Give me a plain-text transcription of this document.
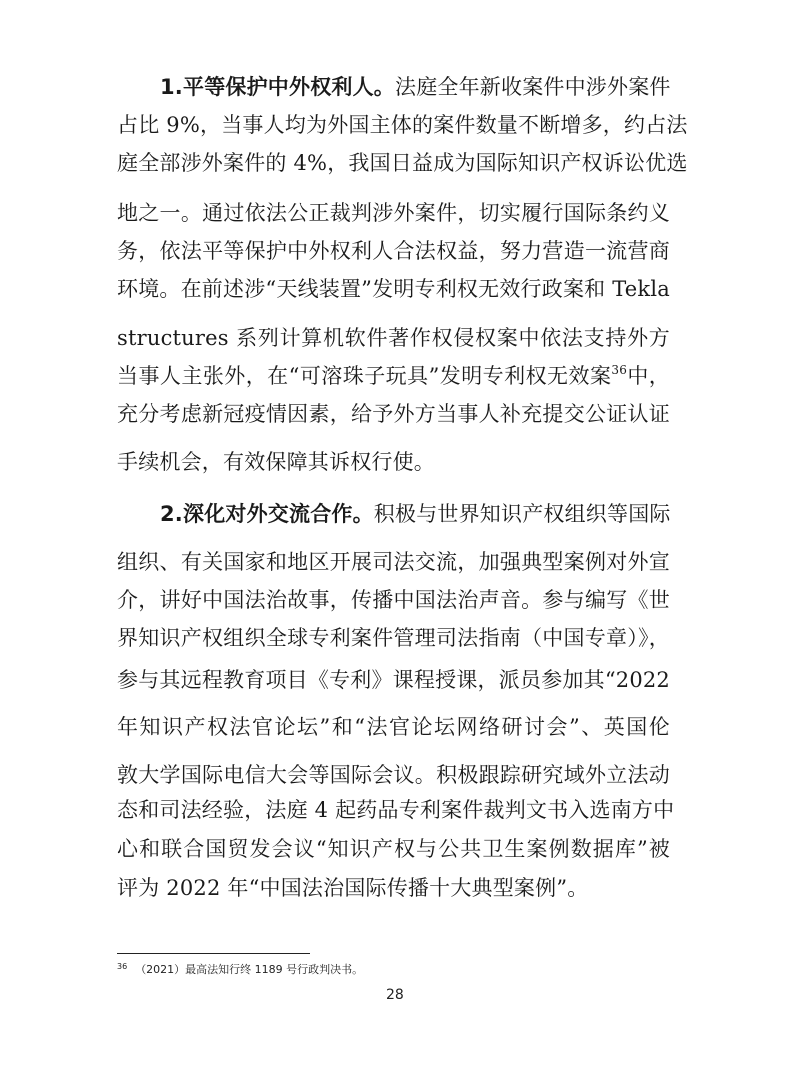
1.平等保护中外权利人。法庭全年新收案件中涉外案件
占比 9%，当事人均为外国主体的案件数量不断增多，约占法
庭全部涉外案件的 4%，我国日益成为国际知识产权诉讼优选
地之一。通过依法公正裁判涉外案件，切实履行国际条约义
务，依法平等保护中外权利人合法权益，努力营造一流营商
环境。在前述涉“天线装置”发明专利权无效行政案和 Tekla
structures 系列计算机软件著作权侵权案中依法支持外方
当事人主张外，在“可溶珠子玩具”发明专利权无效案$^{36}$中，
充分考虑新冠疫情因素，给予外方当事人补充提交公证认证
手续机会，有效保障其诉权行使。
2.深化对外交流合作。积极与世界知识产权组织等国际
组织、有关国家和地区开展司法交流，加强典型案例对外宣
介，讲好中国法治故事，传播中国法治声音。参与编写《世
界知识产权组织全球专利案件管理司法指南（中国专章）》，
参与其远程教育项目《专利》课程授课，派员参加其“2022
年知识产权法官论坛”和“法官论坛网络研讨会”、英国伦
敦大学国际电信大会等国际会议。积极跟踪研究域外立法动
态和司法经验，法庭 4 起药品专利案件裁判文书入选南方中
心和联合国贸发会议“知识产权与公共卫生案例数据库”被
评为 2022 年“中国法治国际传播十大典型案例”。
$^{36}$ （2021）最高法知行终 1189 号行政判决书。
28
